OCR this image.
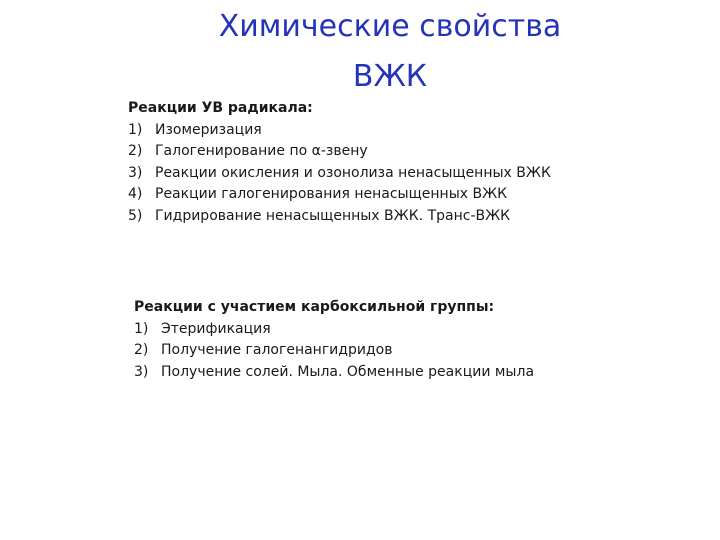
Химические свойства
ВЖК

Реакции УВ радикала:

1) Изомеризация
2) Галогенирование по α-звену
3) Реакции окисления и озонолиза ненасыщенных ВЖК
4) Реакции галогенирования ненасыщенных ВЖК
5) Гидрирование ненасыщенных ВЖК. Транс-ВЖК

Реакции с участием карбоксильной группы:

1) Этерификация
2) Получение галогенангидридов
3) Получение солей. Мыла. Обменные реакции мыла
